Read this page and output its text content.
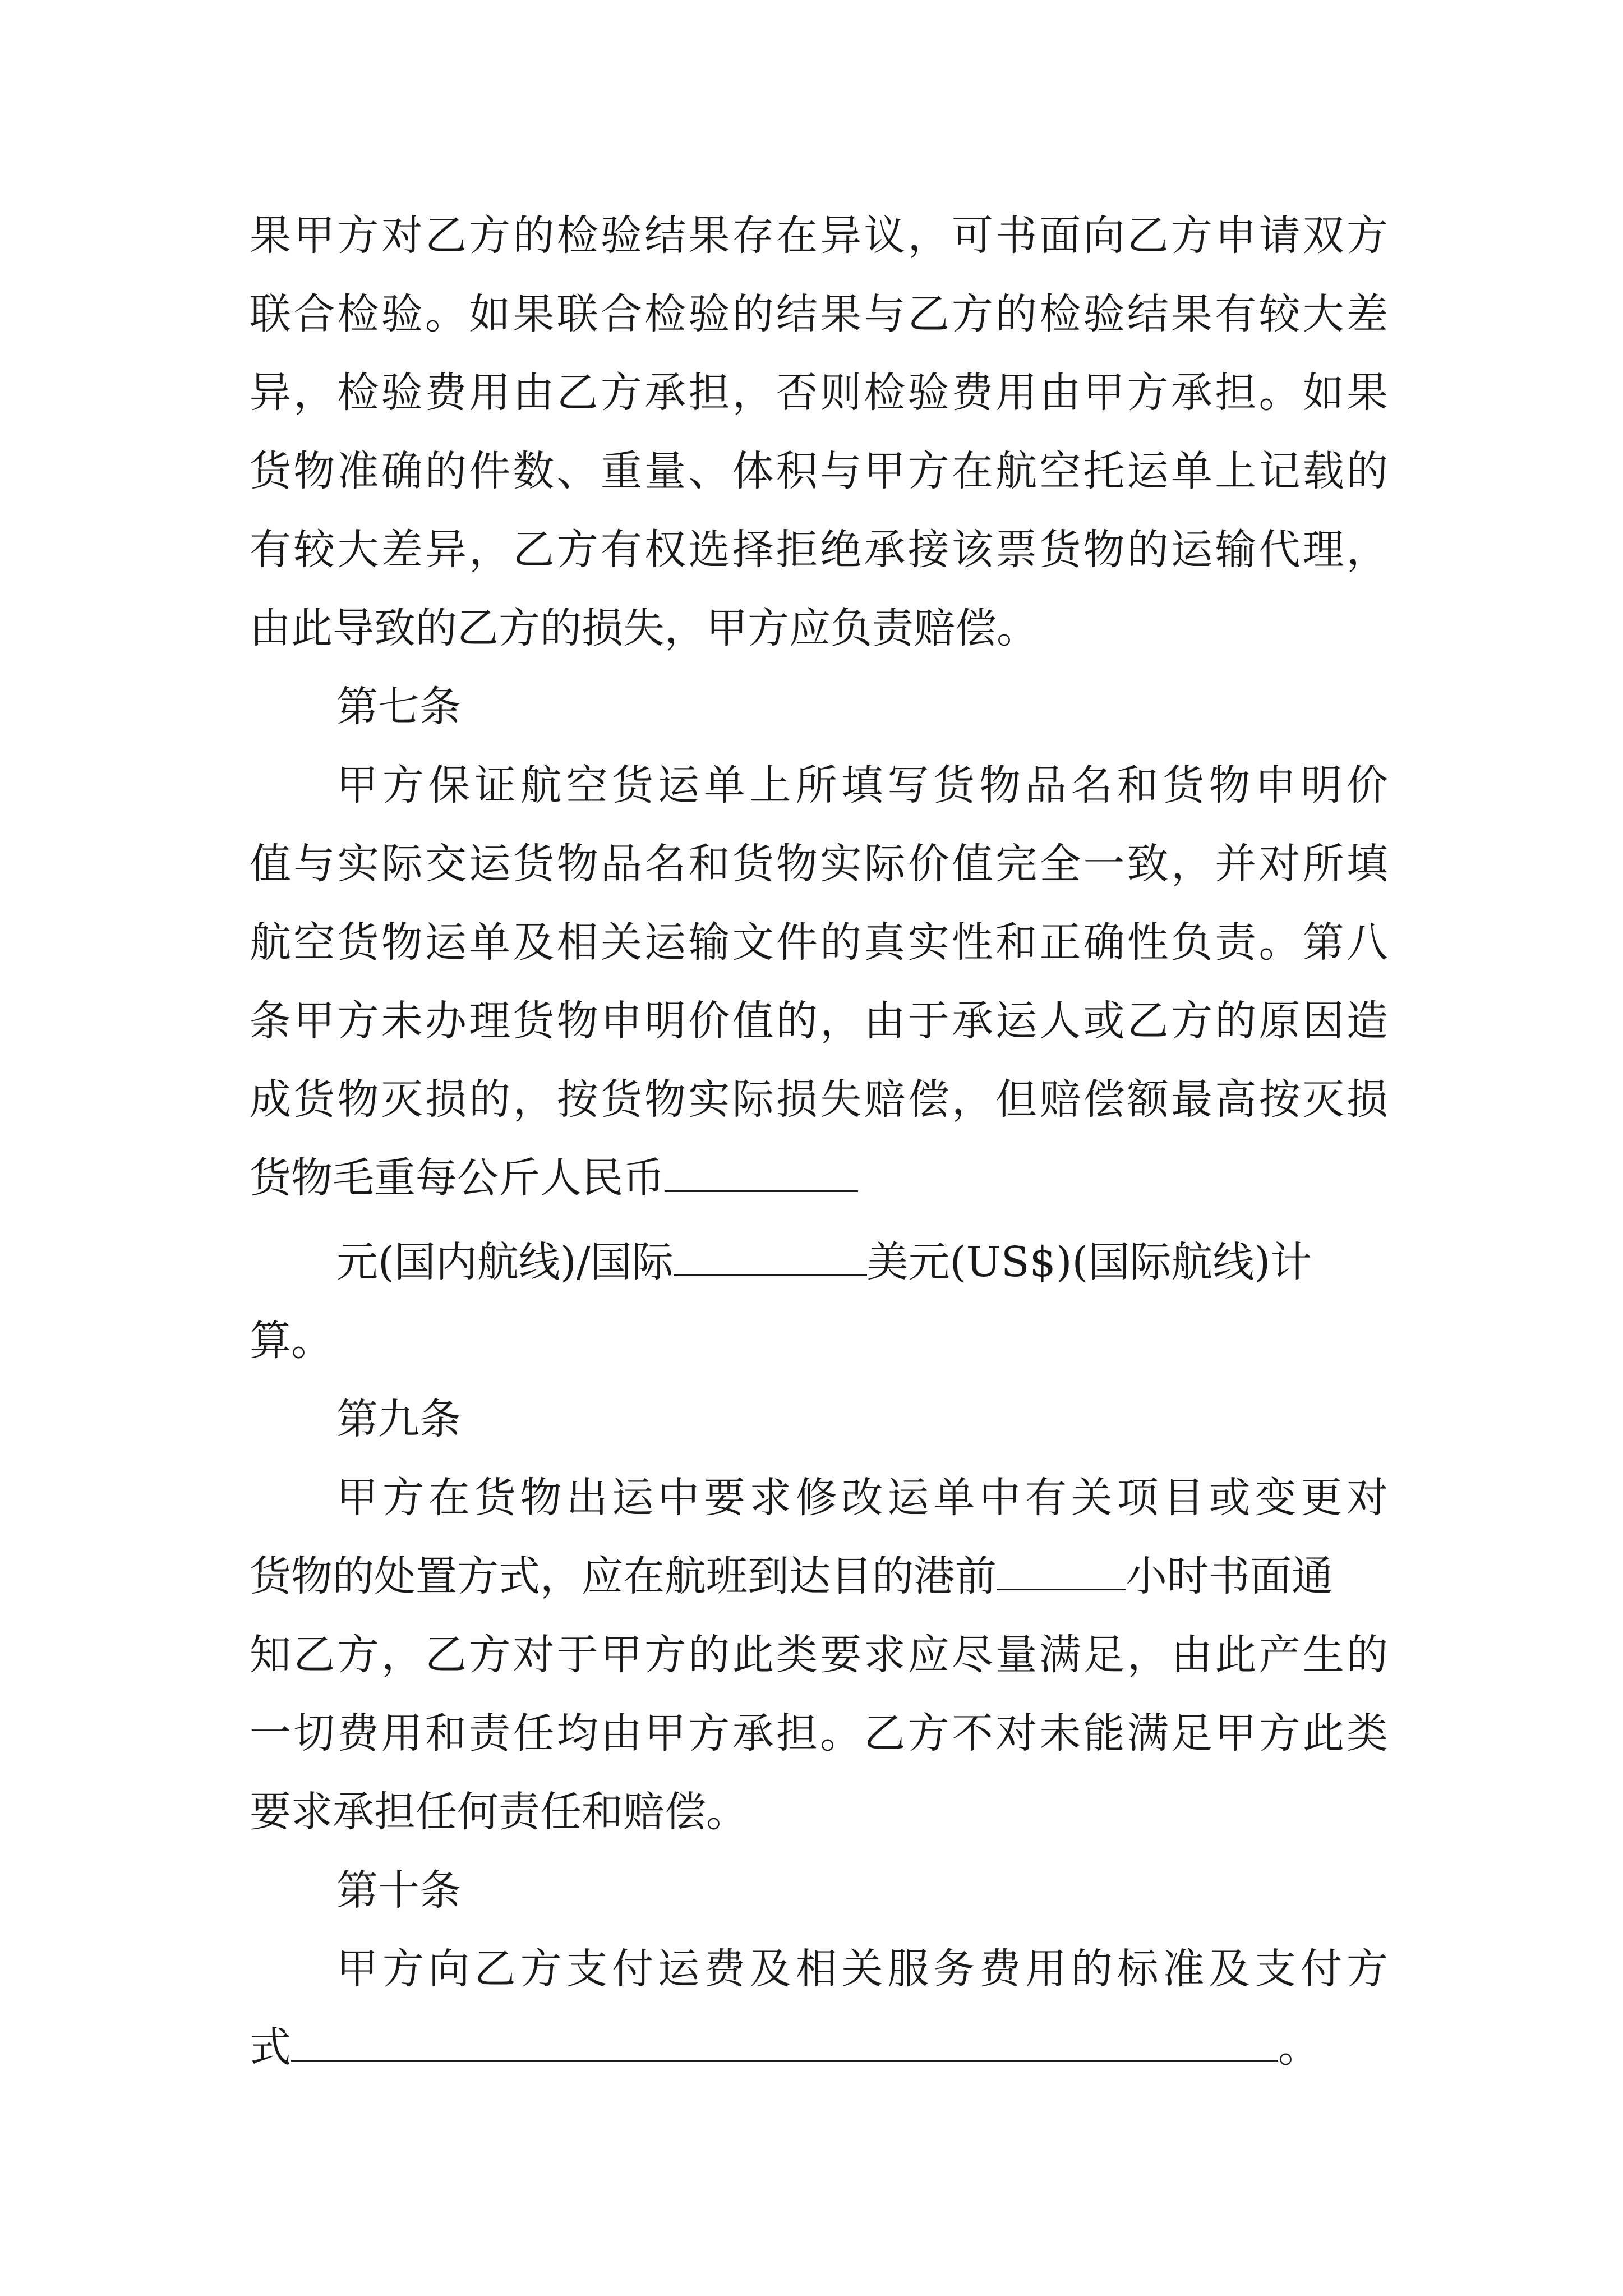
果甲方对乙方的检验结果存在异议，可书面向乙方申请双方
联合检验。如果联合检验的结果与乙方的检验结果有较大差
异，检验费用由乙方承担，否则检验费用由甲方承担。如果
货物准确的件数、重量、体积与甲方在航空托运单上记载的
有较大差异，乙方有权选择拒绝承接该票货物的运输代理，
由此导致的乙方的损失，甲方应负责赔偿。
第七条
甲方保证航空货运单上所填写货物品名和货物申明价
值与实际交运货物品名和货物实际价值完全一致，并对所填
航空货物运单及相关运输文件的真实性和正确性负责。第八
条甲方未办理货物申明价值的，由于承运人或乙方的原因造
成货物灭损的，按货物实际损失赔偿，但赔偿额最高按灭损
货物毛重每公斤人民币
元(国内航线)/国际	美元(US$)(国际航线)计
算。
第九条
甲方在货物出运中要求修改运单中有关项目或变更对
货物的处置方式，应在航班到达目的港前	小时书面通
知乙方，乙方对于甲方的此类要求应尽量满足，由此产生的
一切费用和责任均由甲方承担。乙方不对未能满足甲方此类
要求承担任何责任和赔偿。
第十条
甲方向乙方支付运费及相关服务费用的标准及支付方
式	。
